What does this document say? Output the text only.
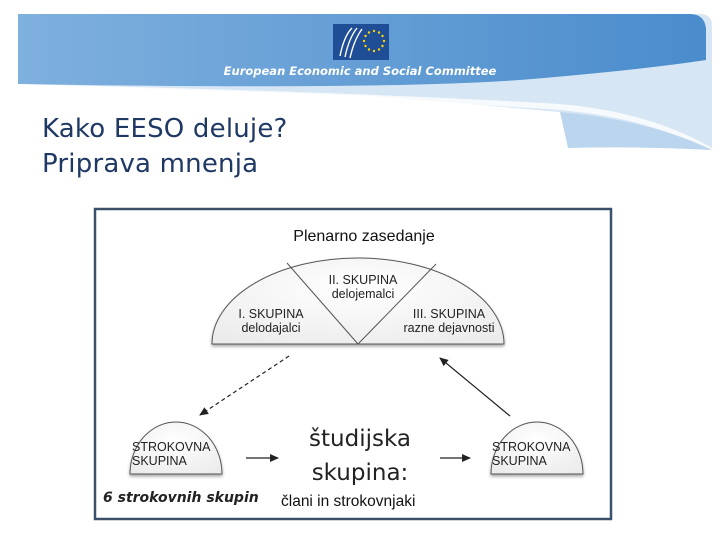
European Economic and Social Committee
Kako EESO deluje?
Priprava mnenja
Plenarno zasedanje
I. SKUPINA
delodajalci
II. SKUPINA
delojemalci
III. SKUPINA
razne dejavnosti
STROKOVNA
SKUPINA
STROKOVNA
SKUPINA
študijska skupina:
6 strokovnih skupin člani in strokovnjaki
